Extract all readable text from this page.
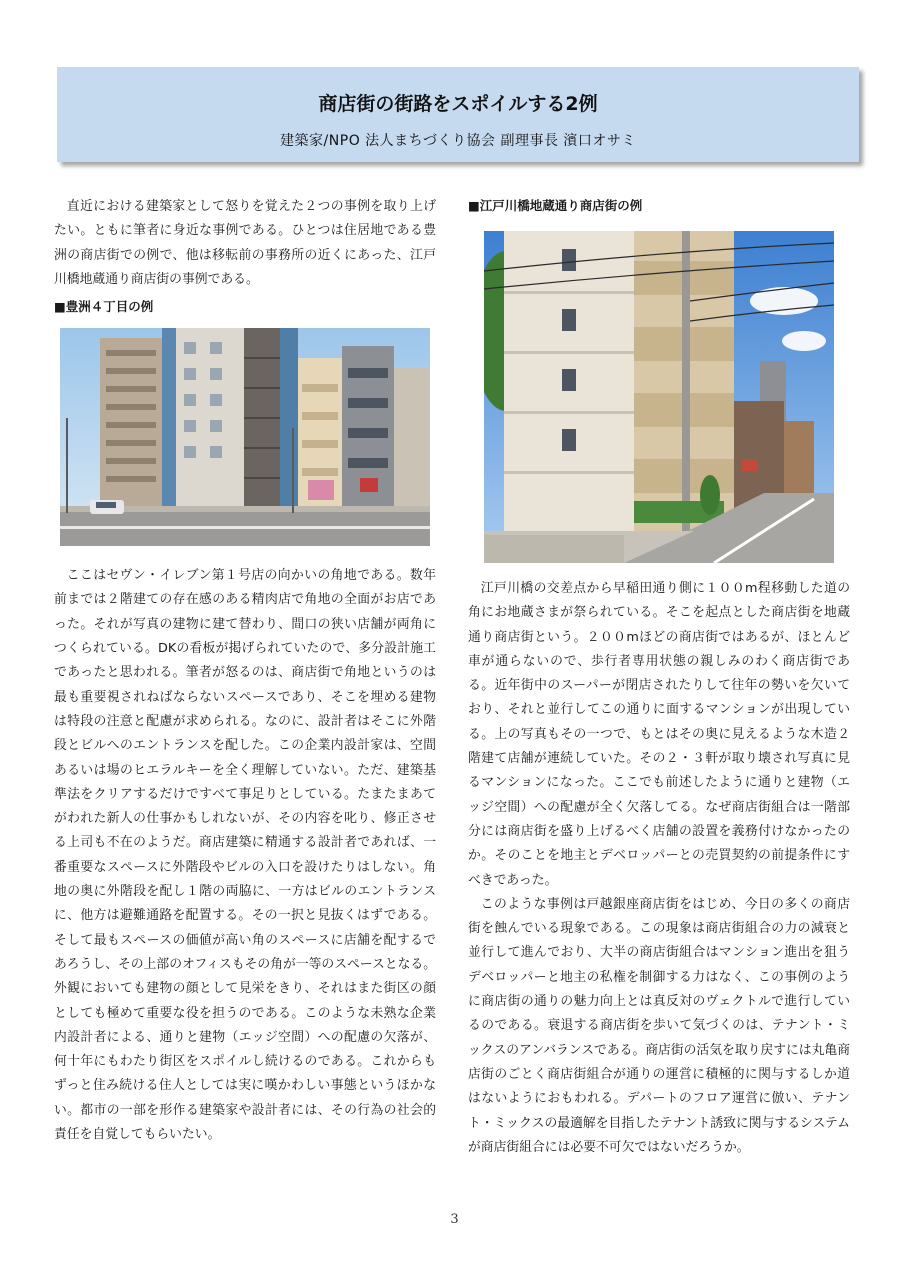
商店街の街路をスポイルする2例
建築家/NPO 法人まちづくり協会 副理事長 濱口オサミ

直近における建築家として怒りを覚えた２つの事例を取り上げたい。ともに筆者に身近な事例である。ひとつは住居地である豊洲の商店街での例で、他は移転前の事務所の近くにあった、江戸川橋地蔵通り商店街の事例である。

■豊洲４丁目の例

ここはセヴン・イレブン第１号店の向かいの角地である。数年前までは２階建ての存在感のある精肉店で角地の全面がお店であった。それが写真の建物に建て替わり、間口の狭い店舗が両角につくられている。DKの看板が掲げられていたので、多分設計施工であったと思われる。筆者が怒るのは、商店街で角地というのは最も重要視されねばならないスペースであり、そこを埋める建物は特段の注意と配慮が求められる。なのに、設計者はそこに外階段とビルへのエントランスを配した。この企業内設計家は、空間あるいは場のヒエラルキーを全く理解していない。ただ、建築基準法をクリアするだけですべて事足りとしている。たまたまあてがわれた新人の仕事かもしれないが、その内容を叱り、修正させる上司も不在のようだ。商店建築に精通する設計者であれば、一番重要なスペースに外階段やビルの入口を設けたりはしない。角地の奥に外階段を配し１階の両脇に、一方はビルのエントランスに、他方は避難通路を配置する。その一択と見抜くはずである。そして最もスペースの価値が高い角のスペースに店舗を配するであろうし、その上部のオフィスもその角が一等のスペースとなる。外観においても建物の顔として見栄をきり、それはまた街区の顔としても極めて重要な役を担うのである。このような未熟な企業内設計者による、通りと建物（エッジ空間）への配慮の欠落が、何十年にもわたり街区をスポイルし続けるのである。これからもずっと住み続ける住人としては実に嘆かわしい事態というほかない。都市の一部を形作る建築家や設計者には、その行為の社会的責任を自覚してもらいたい。

■江戸川橋地蔵通り商店街の例

江戸川橋の交差点から早稲田通り側に１００m程移動した道の角にお地蔵さまが祭られている。そこを起点とした商店街を地蔵通り商店街という。２００mほどの商店街ではあるが、ほとんど車が通らないので、歩行者専用状態の親しみのわく商店街である。近年街中のスーパーが閉店されたりして往年の勢いを欠いており、それと並行してこの通りに面するマンションが出現している。上の写真もその一つで、もとはその奥に見えるような木造２階建て店舗が連続していた。その２・３軒が取り壊され写真に見るマンションになった。ここでも前述したように通りと建物（エッジ空間）への配慮が全く欠落してる。なぜ商店街組合は一階部分には商店街を盛り上げるべく店舗の設置を義務付けなかったのか。そのことを地主とデベロッパーとの売買契約の前提条件にすべきであった。

このような事例は戸越銀座商店街をはじめ、今日の多くの商店街を蝕んでいる現象である。この現象は商店街組合の力の減衰と並行して進んでおり、大半の商店街組合はマンション進出を狙うデベロッパーと地主の私権を制御する力はなく、この事例のように商店街の通りの魅力向上とは真反対のヴェクトルで進行しているのである。衰退する商店街を歩いて気づくのは、テナント・ミックスのアンバランスである。商店街の活気を取り戻すには丸亀商店街のごとく商店街組合が通りの運営に積極的に関与するしか道はないようにおもわれる。デパートのフロア運営に倣い、テナント・ミックスの最適解を目指したテナント誘致に関与するシステムが商店街組合には必要不可欠ではないだろうか。

3
